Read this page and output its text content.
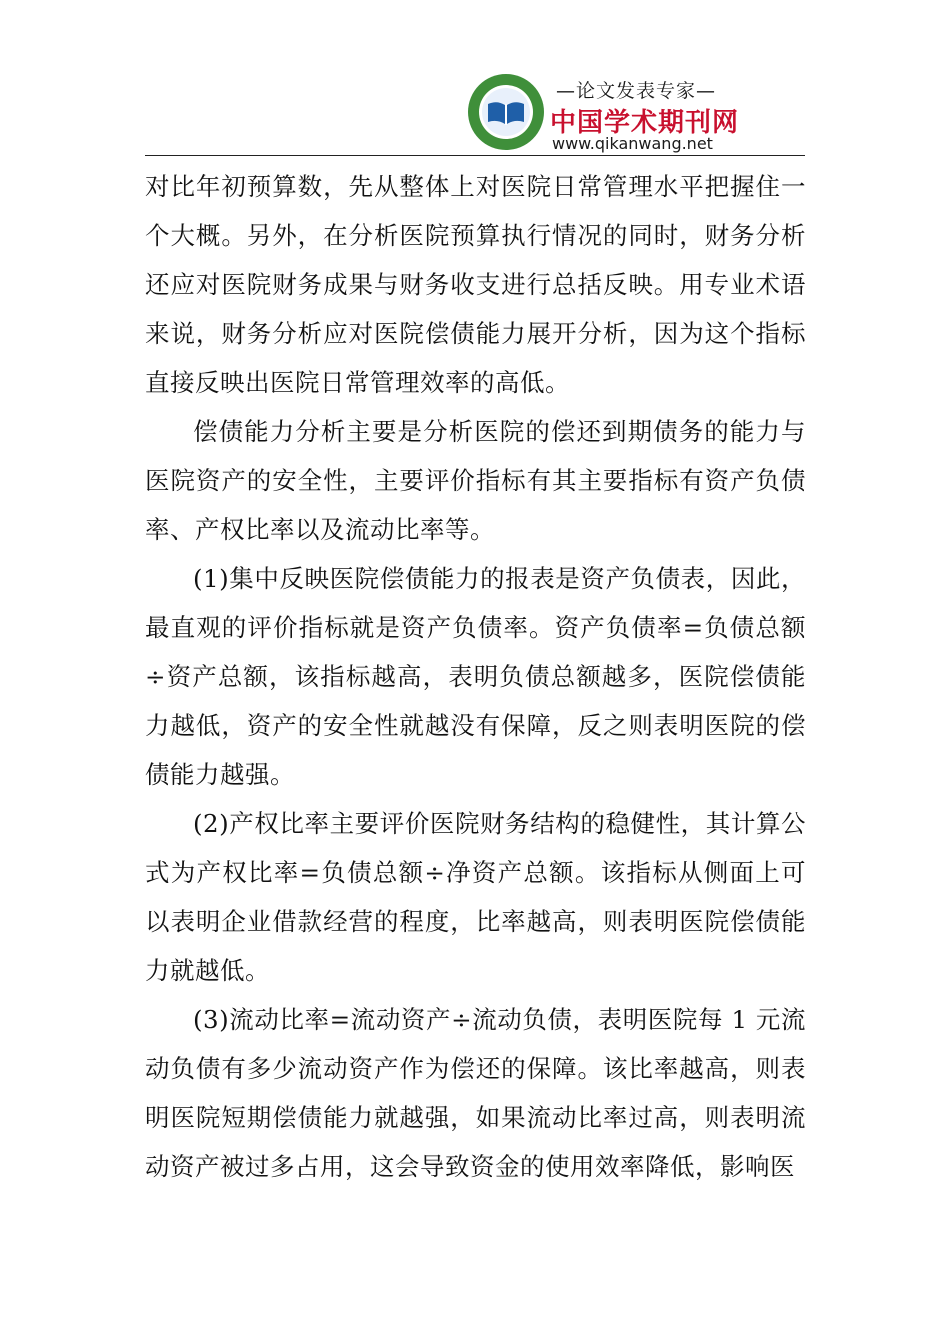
—论文发表专家—
中国学术期刊网
www.qikanwang.net

对比年初预算数，先从整体上对医院日常管理水平把握住一个大概。另外，在分析医院预算执行情况的同时，财务分析还应对医院财务成果与财务收支进行总括反映。用专业术语来说，财务分析应对医院偿债能力展开分析，因为这个指标直接反映出医院日常管理效率的高低。

偿债能力分析主要是分析医院的偿还到期债务的能力与医院资产的安全性，主要评价指标有其主要指标有资产负债率、产权比率以及流动比率等。

(1)集中反映医院偿债能力的报表是资产负债表，因此，最直观的评价指标就是资产负债率。资产负债率=负债总额÷资产总额，该指标越高，表明负债总额越多，医院偿债能力越低，资产的安全性就越没有保障，反之则表明医院的偿债能力越强。

(2)产权比率主要评价医院财务结构的稳健性，其计算公式为产权比率=负债总额÷净资产总额。该指标从侧面上可以表明企业借款经营的程度，比率越高，则表明医院偿债能力就越低。

(3)流动比率=流动资产÷流动负债，表明医院每 1 元流动负债有多少流动资产作为偿还的保障。该比率越高，则表明医院短期偿债能力就越强，如果流动比率过高，则表明流动资产被过多占用，这会导致资金的使用效率降低，影响医
